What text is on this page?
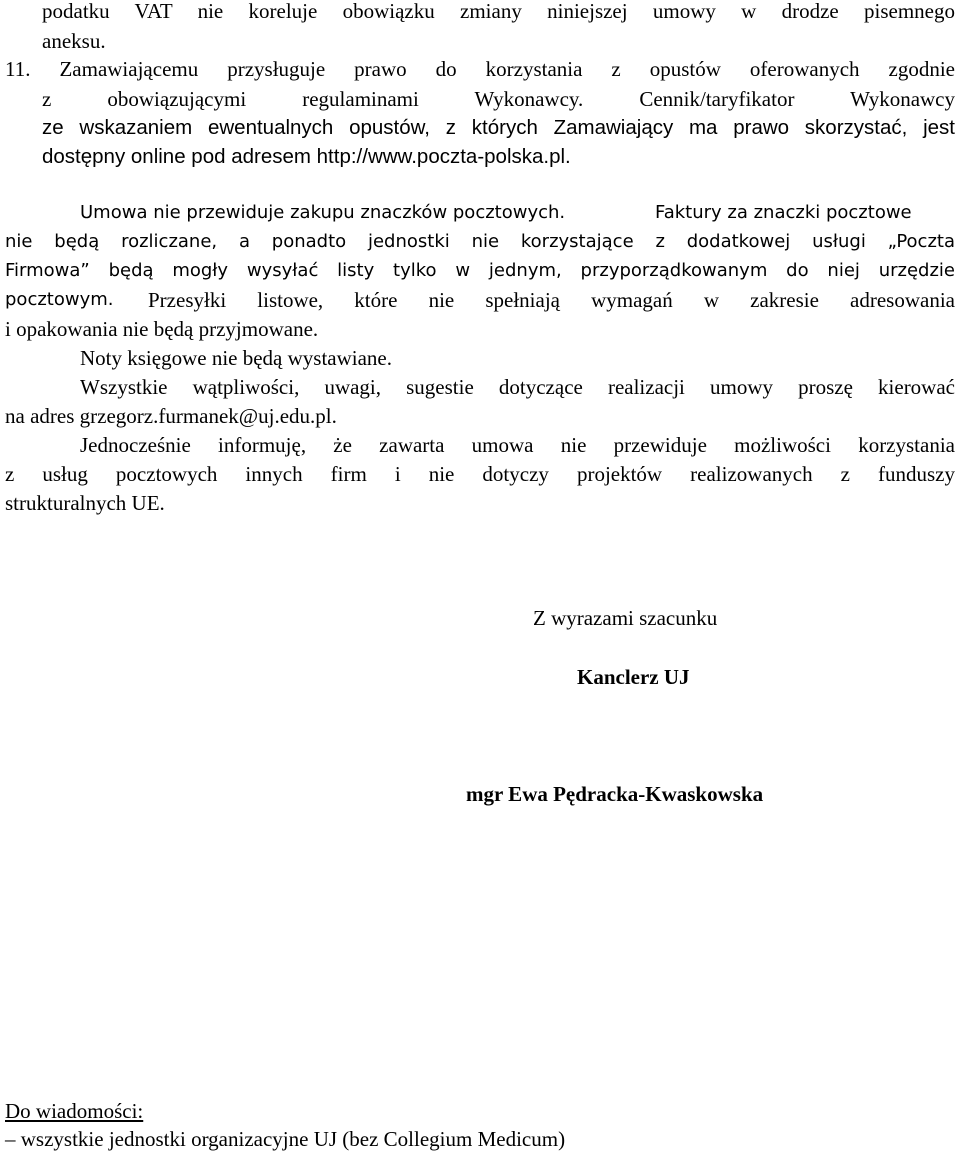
podatku VAT nie koreluje obowiązku zmiany niniejszej umowy w drodze pisemnego
aneksu.
11. Zamawiającemu przysługuje prawo do korzystania z opustów oferowanych zgodnie
z obowiązującymi regulaminami Wykonawcy. Cennik/taryfikator Wykonawcy
ze wskazaniem ewentualnych opustów, z których Zamawiający ma prawo skorzystać, jest
dostępny online pod adresem http://www.poczta-polska.pl.
Umowa nie przewiduje zakupu znaczków pocztowych.	Faktury za znaczki pocztowe
nie będą rozliczane, a ponadto jednostki nie korzystające z dodatkowej usługi „Poczta
Firmowa” będą mogły wysyłać listy tylko w jednym, przyporządkowanym do niej urzędzie
pocztowym. Przesyłki listowe, które nie spełniają wymagań w zakresie adresowania
i opakowania nie będą przyjmowane.
Noty księgowe nie będą wystawiane.
Wszystkie wątpliwości, uwagi, sugestie dotyczące realizacji umowy proszę kierować
na adres grzegorz.furmanek@uj.edu.pl.
Jednocześnie informuję, że zawarta umowa nie przewiduje możliwości korzystania
z usług pocztowych innych firm i nie dotyczy projektów realizowanych z funduszy
strukturalnych UE.
Z wyrazami szacunku
Kanclerz UJ
mgr Ewa Pędracka-Kwaskowska
Do wiadomości:
– wszystkie jednostki organizacyjne UJ (bez Collegium Medicum)
